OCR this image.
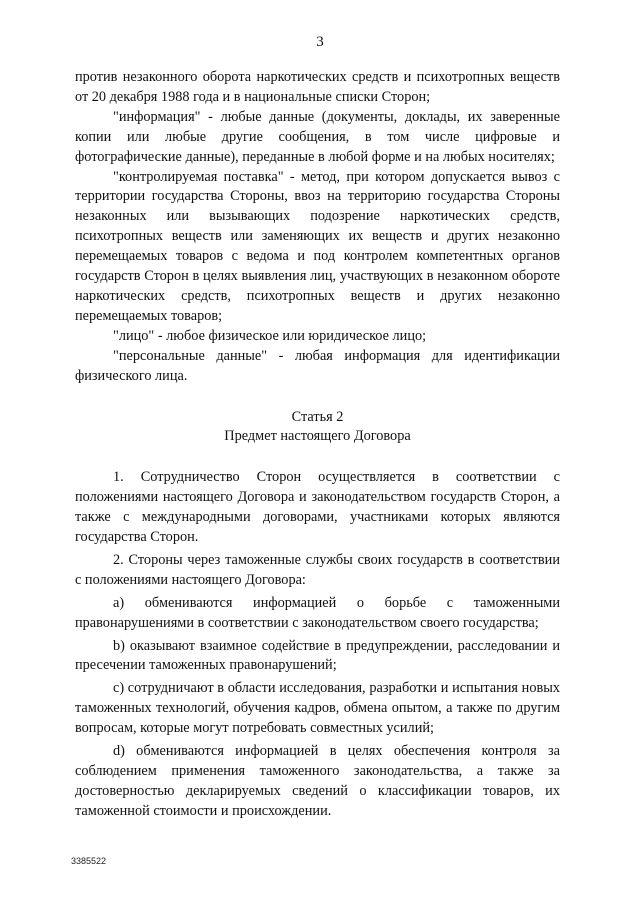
3

против незаконного оборота наркотических средств и психотропных веществ от 20 декабря 1988 года и в национальные списки Сторон;

"информация" - любые данные (документы, доклады, их заверенные копии или любые другие сообщения, в том числе цифровые и фотографические данные), переданные в любой форме и на любых носителях;

"контролируемая поставка" - метод, при котором допускается вывоз с территории государства Стороны, ввоз на территорию государства Стороны незаконных или вызывающих подозрение наркотических средств, психотропных веществ или заменяющих их веществ и других незаконно перемещаемых товаров с ведома и под контролем компетентных органов государств Сторон в целях выявления лиц, участвующих в незаконном обороте наркотических средств, психотропных веществ и других незаконно перемещаемых товаров;

"лицо" - любое физическое или юридическое лицо;

"персональные данные" - любая информация для идентификации физического лица.

Статья 2

Предмет настоящего Договора

1. Сотрудничество Сторон осуществляется в соответствии с положениями настоящего Договора и законодательством государств Сторон, а также с международными договорами, участниками которых являются государства Сторон.

2. Стороны через таможенные службы своих государств в соответствии с положениями настоящего Договора:

a) обмениваются информацией о борьбе с таможенными правонарушениями в соответствии с законодательством своего государства;

b) оказывают взаимное содействие в предупреждении, расследовании и пресечении таможенных правонарушений;

c) сотрудничают в области исследования, разработки и испытания новых таможенных технологий, обучения кадров, обмена опытом, а также по другим вопросам, которые могут потребовать совместных усилий;

d) обмениваются информацией в целях обеспечения контроля за соблюдением применения таможенного законодательства, а также за достоверностью декларируемых сведений о классификации товаров, их таможенной стоимости и происхождении.

3385522
